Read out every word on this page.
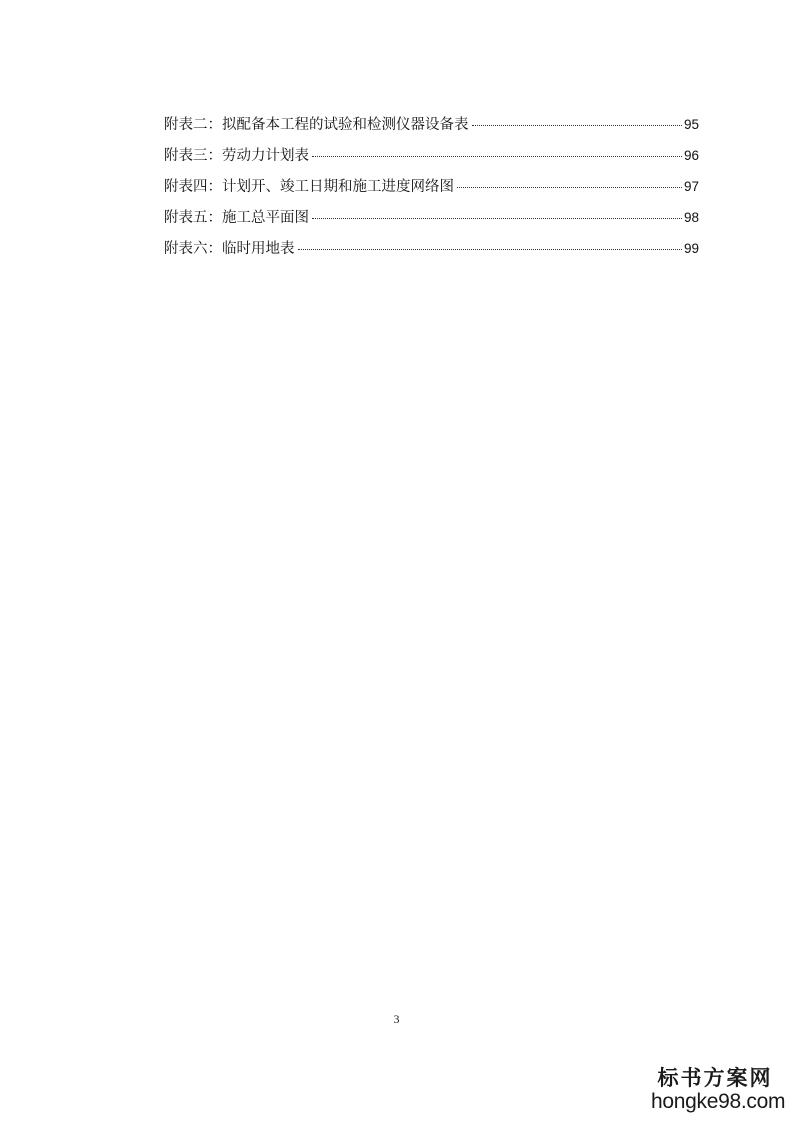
附表二：拟配备本工程的试验和检测仪器设备表	95
附表三：劳动力计划表	96
附表四：计划开、竣工日期和施工进度网络图	97
附表五：施工总平面图	98
附表六：临时用地表	99
3
标书方案网
hongke98.com
